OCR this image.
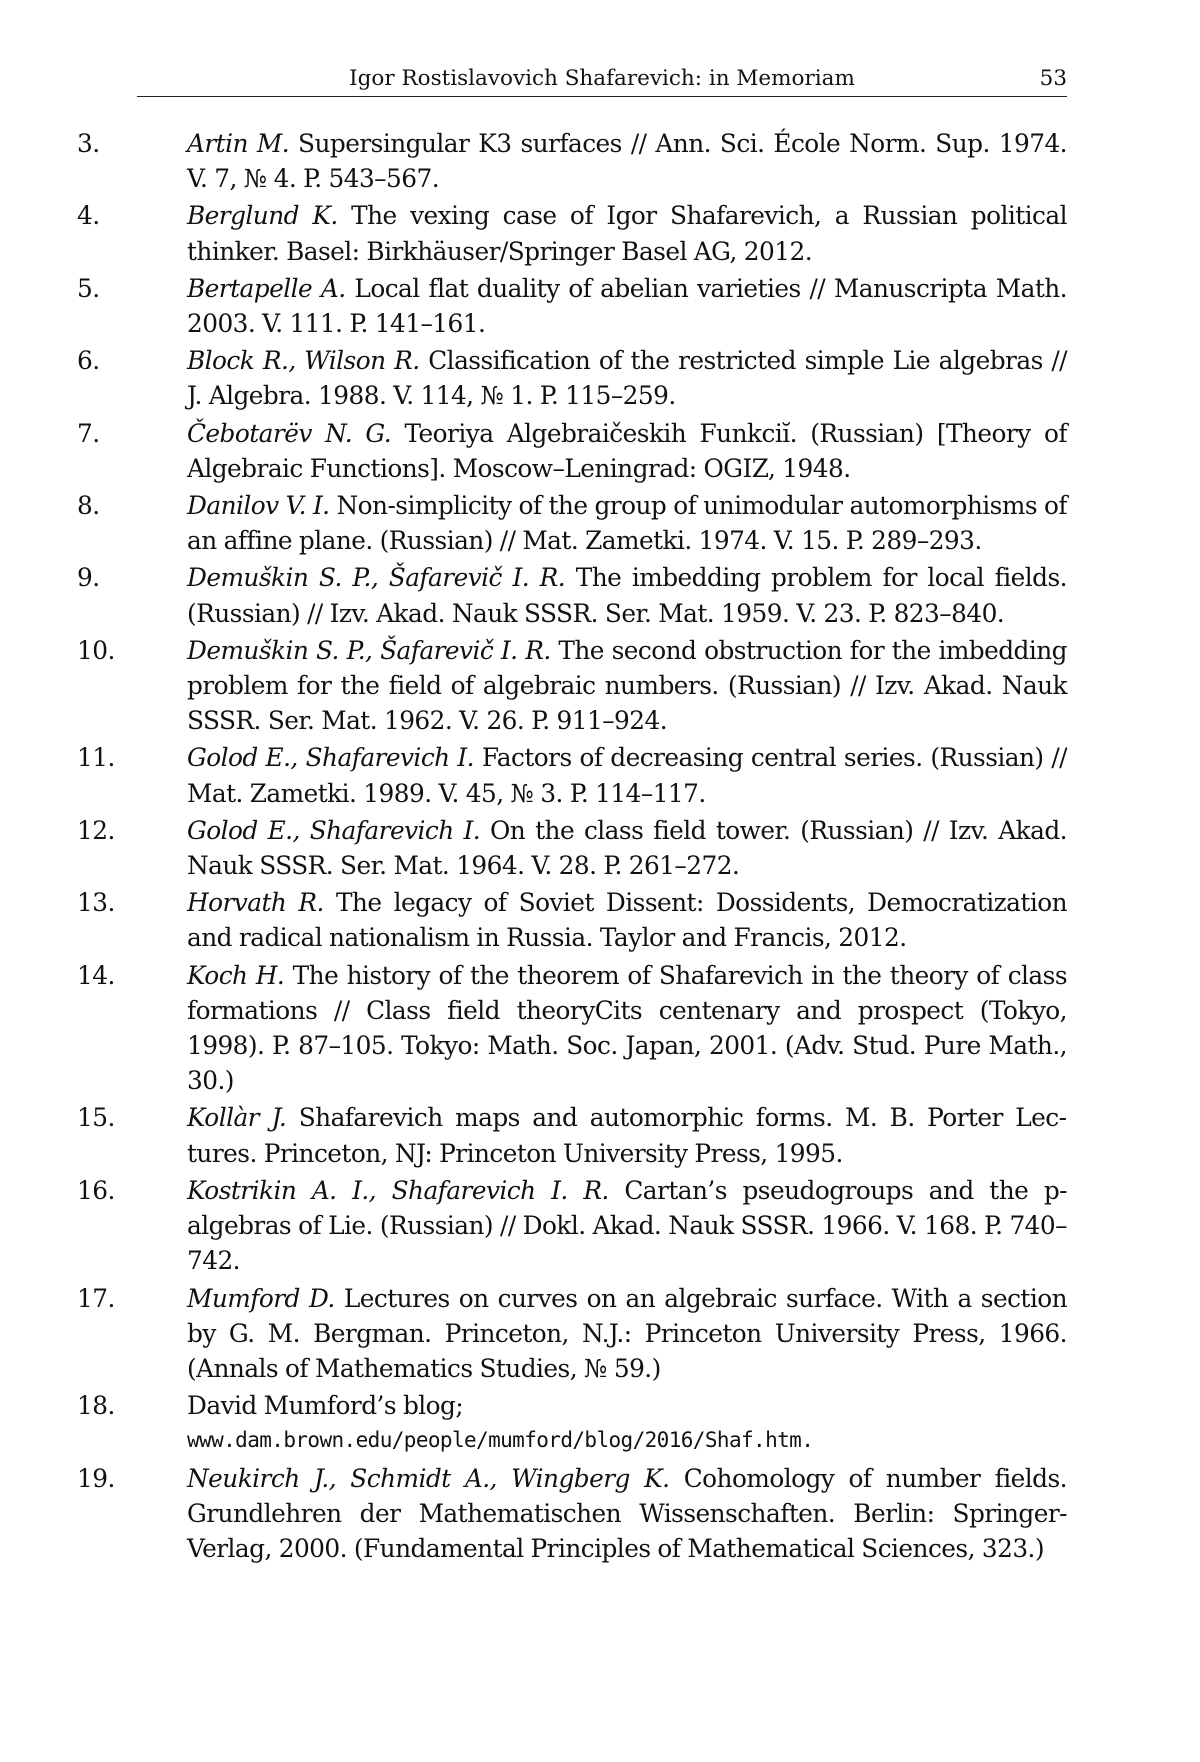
Igor Rostislavovich Shafarevich: in Memoriam	53
3.	Artin M. Supersingular K3 surfaces // Ann. Sci. École Norm. Sup. 1974. V. 7, № 4. P. 543–567.
4.	Berglund K. The vexing case of Igor Shafarevich, a Russian political thinker. Basel: Birkhäuser/Springer Basel AG, 2012.
5.	Bertapelle A. Local flat duality of abelian varieties // Manuscripta Math. 2003. V. 111. P. 141–161.
6.	Block R., Wilson R. Classification of the restricted simple Lie algebras // J. Algebra. 1988. V. 114, № 1. P. 115–259.
7.	Čebotarëv N. G. Teoriya Algebraičeskih Funkciĭ. (Russian) [Theory of Algebraic Functions]. Moscow–Leningrad: OGIZ, 1948.
8.	Danilov V. I. Non-simplicity of the group of unimodular automorphisms of an affine plane. (Russian) // Mat. Zametki. 1974. V. 15. P. 289–293.
9.	Demuškin S. P., Šafarevič I. R. The imbedding problem for local fields. (Russian) // Izv. Akad. Nauk SSSR. Ser. Mat. 1959. V. 23. P. 823–840.
10.	Demuškin S. P., Šafarevič I. R. The second obstruction for the imbedding problem for the field of algebraic numbers. (Russian) // Izv. Akad. Nauk SSSR. Ser. Mat. 1962. V. 26. P. 911–924.
11.	Golod E., Shafarevich I. Factors of decreasing central series. (Russian) // Mat. Zametki. 1989. V. 45, № 3. P. 114–117.
12.	Golod E., Shafarevich I. On the class field tower. (Russian) // Izv. Akad. Nauk SSSR. Ser. Mat. 1964. V. 28. P. 261–272.
13.	Horvath R. The legacy of Soviet Dissent: Dossidents, Democratization and radical nationalism in Russia. Taylor and Francis, 2012.
14.	Koch H. The history of the theorem of Shafarevich in the theory of class formations // Class field theoryCits centenary and prospect (Tokyo, 1998). P. 87–105. Tokyo: Math. Soc. Japan, 2001. (Adv. Stud. Pure Math., 30.)
15.	Kollàr J. Shafarevich maps and automorphic forms. M. B. Porter Lectures. Princeton, NJ: Princeton University Press, 1995.
16.	Kostrikin A. I., Shafarevich I. R. Cartan’s pseudogroups and the p-algebras of Lie. (Russian) // Dokl. Akad. Nauk SSSR. 1966. V. 168. P. 740–742.
17.	Mumford D. Lectures on curves on an algebraic surface. With a section by G. M. Bergman. Princeton, N.J.: Princeton University Press, 1966. (Annals of Mathematics Studies, № 59.)
18.	David Mumford’s blog;
www.dam.brown.edu/people/mumford/blog/2016/Shaf.htm.
19.	Neukirch J., Schmidt A., Wingberg K. Cohomology of number fields. Grundlehren der Mathematischen Wissenschaften. Berlin: Springer-Verlag, 2000. (Fundamental Principles of Mathematical Sciences, 323.)
